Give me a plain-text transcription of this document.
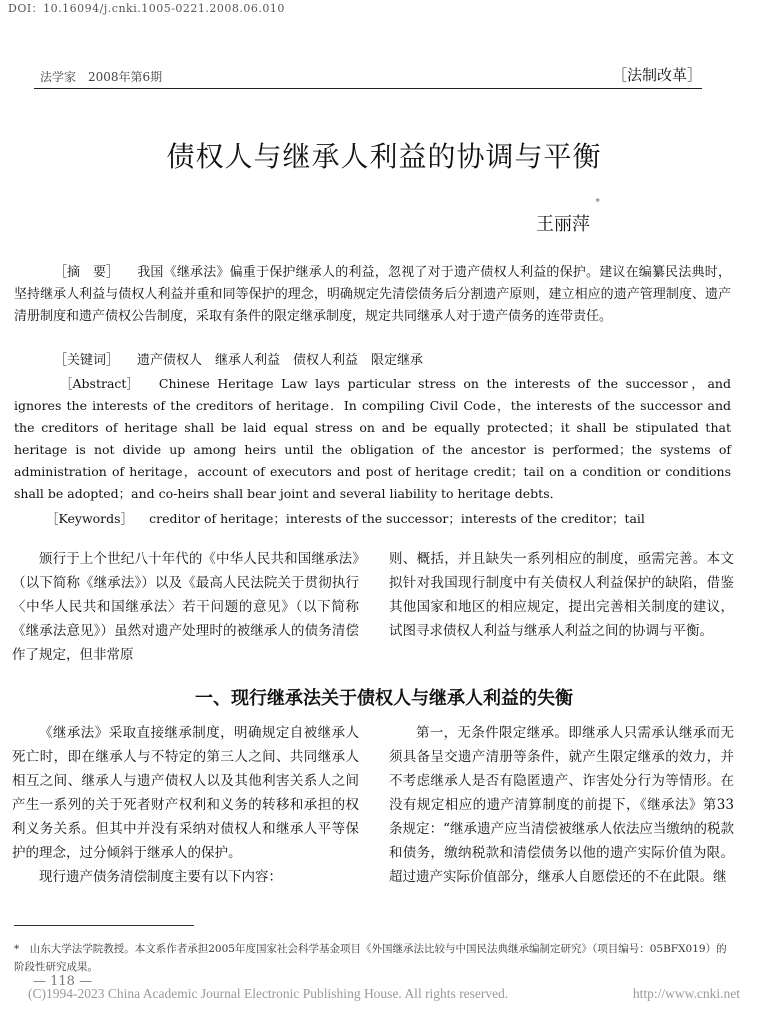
DOI：10.16094/j.cnki.1005-0221.2008.06.010
法学家　2008年第6期	［法制改革］
债权人与继承人利益的协调与平衡
*
王丽萍
［摘　要］ 我国《继承法》偏重于保护继承人的利益，忽视了对于遗产债权人利益的保护。建议在编纂民法典时，坚持继承人利益与债权人利益并重和同等保护的理念，明确规定先清偿债务后分割遗产原则，建立相应的遗产管理制度、遗产清册制度和遗产债权公告制度，采取有条件的限定继承制度，规定共同继承人对于遗产债务的连带责任。
［关键词］ 遗产债权人　继承人利益　债权人利益　限定继承
［Abstract］ Chinese Heritage Law lays particular stress on the interests of the successor，and ignores the interests of the creditors of heritage．In compiling Civil Code，the interests of the successor and the creditors of heritage shall be laid equal stress on and be equally protected；it shall be stipulated that heritage is not divide up among heirs until the obligation of the ancestor is performed；the systems of administration of heritage，account of executors and post of heritage credit；tail on a condition or conditions shall be adopted；and co-heirs shall bear joint and several liability to heritage debts．
［Keywords］ creditor of heritage；interests of the successor；interests of the creditor；tail
颁行于上个世纪八十年代的《中华人民共和国继承法》（以下简称《继承法》）以及《最高人民法院关于贯彻执行〈中华人民共和国继承法〉若干问题的意见》（以下简称《继承法意见》）虽然对遗产处理时的被继承人的债务清偿作了规定，但非常原
则、概括，并且缺失一系列相应的制度，亟需完善。本文拟针对我国现行制度中有关债权人利益保护的缺陷，借鉴其他国家和地区的相应规定，提出完善相关制度的建议，试图寻求债权人利益与继承人利益之间的协调与平衡。
一、现行继承法关于债权人与继承人利益的失衡
《继承法》采取直接继承制度，明确规定自被继承人死亡时，即在继承人与不特定的第三人之间、共同继承人相互之间、继承人与遗产债权人以及其他利害关系人之间产生一系列的关于死者财产权利和义务的转移和承担的权利义务关系。但其中并没有采纳对债权人和继承人平等保护的理念，过分倾斜于继承人的保护。
现行遗产债务清偿制度主要有以下内容：
第一，无条件限定继承。即继承人只需承认继承而无须具备呈交遗产清册等条件，就产生限定继承的效力，并不考虑继承人是否有隐匿遗产、诈害处分行为等情形。在没有规定相应的遗产清算制度的前提下，《继承法》第33条规定：“继承遗产应当清偿被继承人依法应当缴纳的税款和债务，缴纳税款和清偿债务以他的遗产实际价值为限。超过遗产实际价值部分，继承人自愿偿还的不在此限。继
*　山东大学法学院教授。本文系作者承担2005年度国家社会科学基金项目《外国继承法比较与中国民法典继承编制定研究》（项目编号：05BFX019）的阶段性研究成果。
— 118 —
(C)1994-2023 China Academic Journal Electronic Publishing House. All rights reserved.	http://www.cnki.net
